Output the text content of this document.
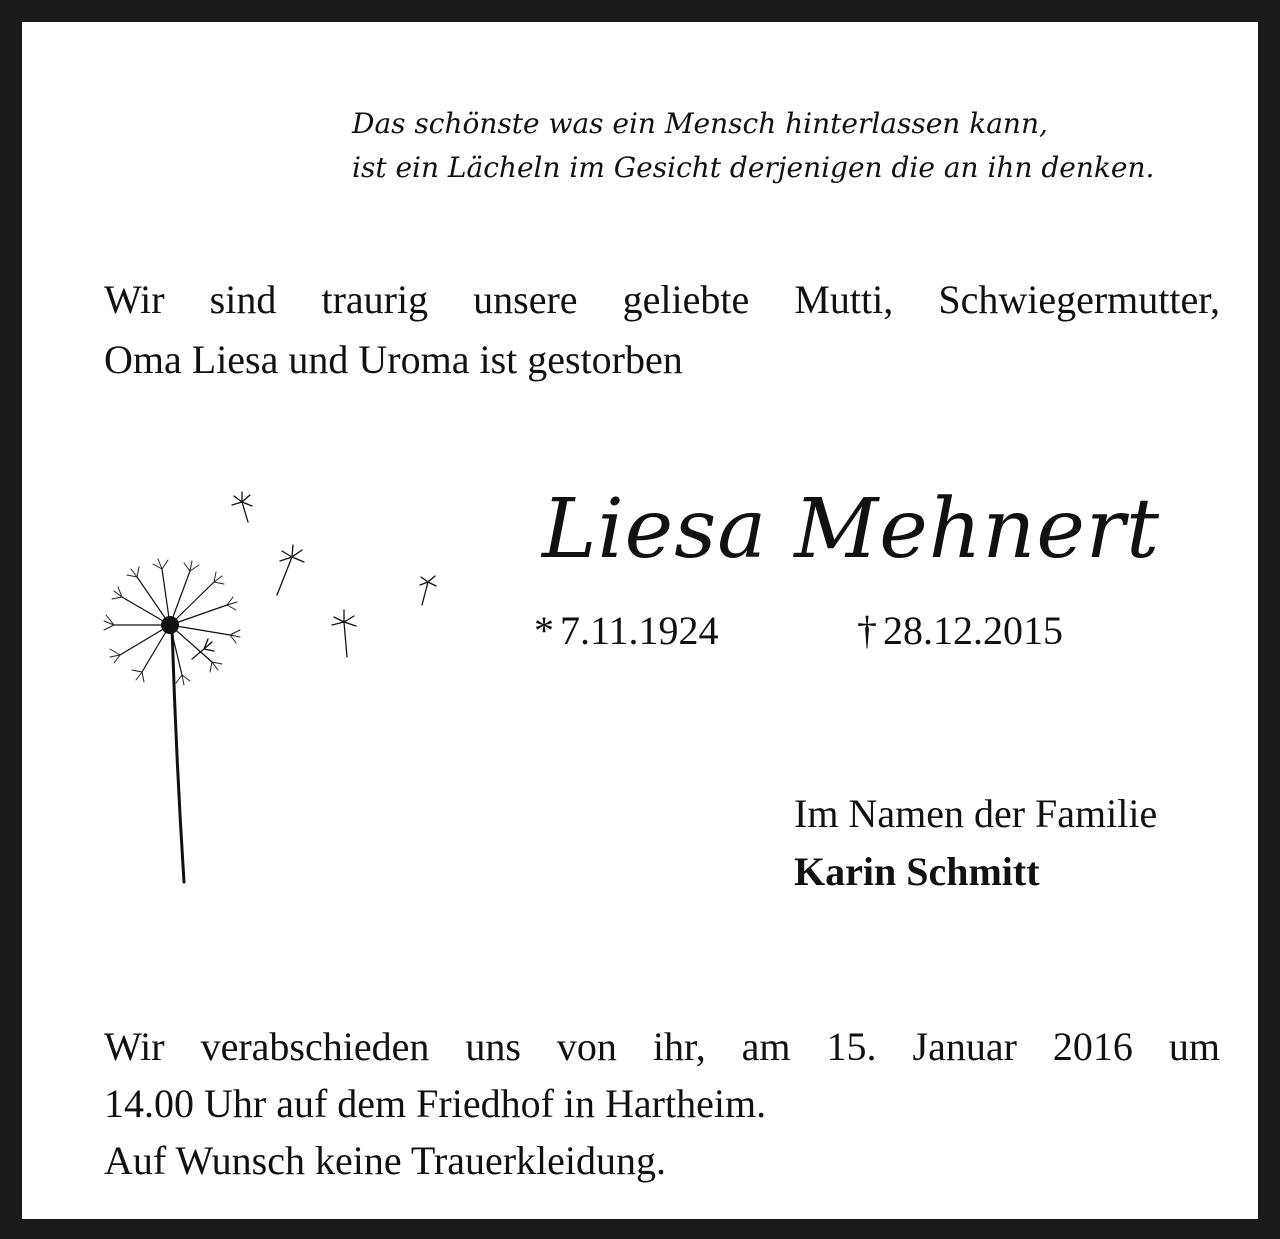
Das schönste was ein Mensch hinterlassen kann,
ist ein Lächeln im Gesicht derjenigen die an ihn denken.

Wir sind traurig unsere geliebte Mutti, Schwiegermutter,
Oma Liesa und Uroma ist gestorben

Liesa Mehnert
* 7.11.1924	† 28.12.2015

Im Namen der Familie
Karin Schmitt

Wir verabschieden uns von ihr, am 15. Januar 2016 um
14.00 Uhr auf dem Friedhof in Hartheim.
Auf Wunsch keine Trauerkleidung.
